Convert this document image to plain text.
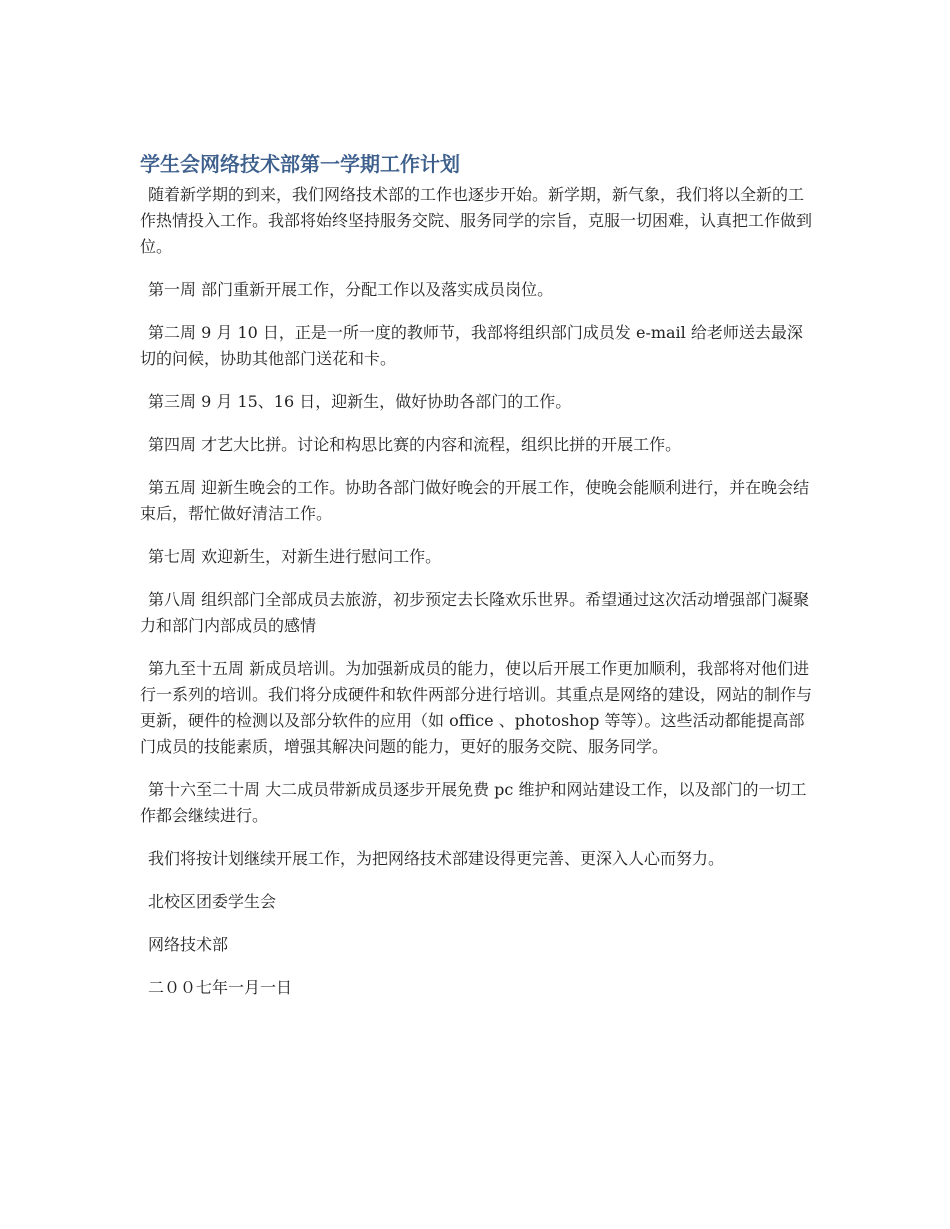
学生会网络技术部第一学期工作计划

随着新学期的到来，我们网络技术部的工作也逐步开始。新学期，新气象，我们将以全新的工作热情投入工作。我部将始终坚持服务交院、服务同学的宗旨，克服一切困难，认真把工作做到位。

第一周 部门重新开展工作，分配工作以及落实成员岗位。

第二周 9 月 10 日，正是一所一度的教师节，我部将组织部门成员发 e-mail 给老师送去最深切的问候，协助其他部门送花和卡。

第三周 9 月 15、16 日，迎新生，做好协助各部门的工作。

第四周 才艺大比拼。讨论和构思比赛的内容和流程，组织比拼的开展工作。

第五周 迎新生晚会的工作。协助各部门做好晚会的开展工作，使晚会能顺利进行，并在晚会结束后，帮忙做好清洁工作。

第七周 欢迎新生，对新生进行慰问工作。

第八周 组织部门全部成员去旅游，初步预定去长隆欢乐世界。希望通过这次活动增强部门凝聚力和部门内部成员的感情

第九至十五周 新成员培训。为加强新成员的能力，使以后开展工作更加顺利，我部将对他们进行一系列的培训。我们将分成硬件和软件两部分进行培训。其重点是网络的建设，网站的制作与更新，硬件的检测以及部分软件的应用（如 office 、photoshop 等等）。这些活动都能提高部门成员的技能素质，增强其解决问题的能力，更好的服务交院、服务同学。

第十六至二十周 大二成员带新成员逐步开展免费 pc 维护和网站建设工作，以及部门的一切工作都会继续进行。

我们将按计划继续开展工作，为把网络技术部建设得更完善、更深入人心而努力。

北校区团委学生会

网络技术部

二００七年一月一日
